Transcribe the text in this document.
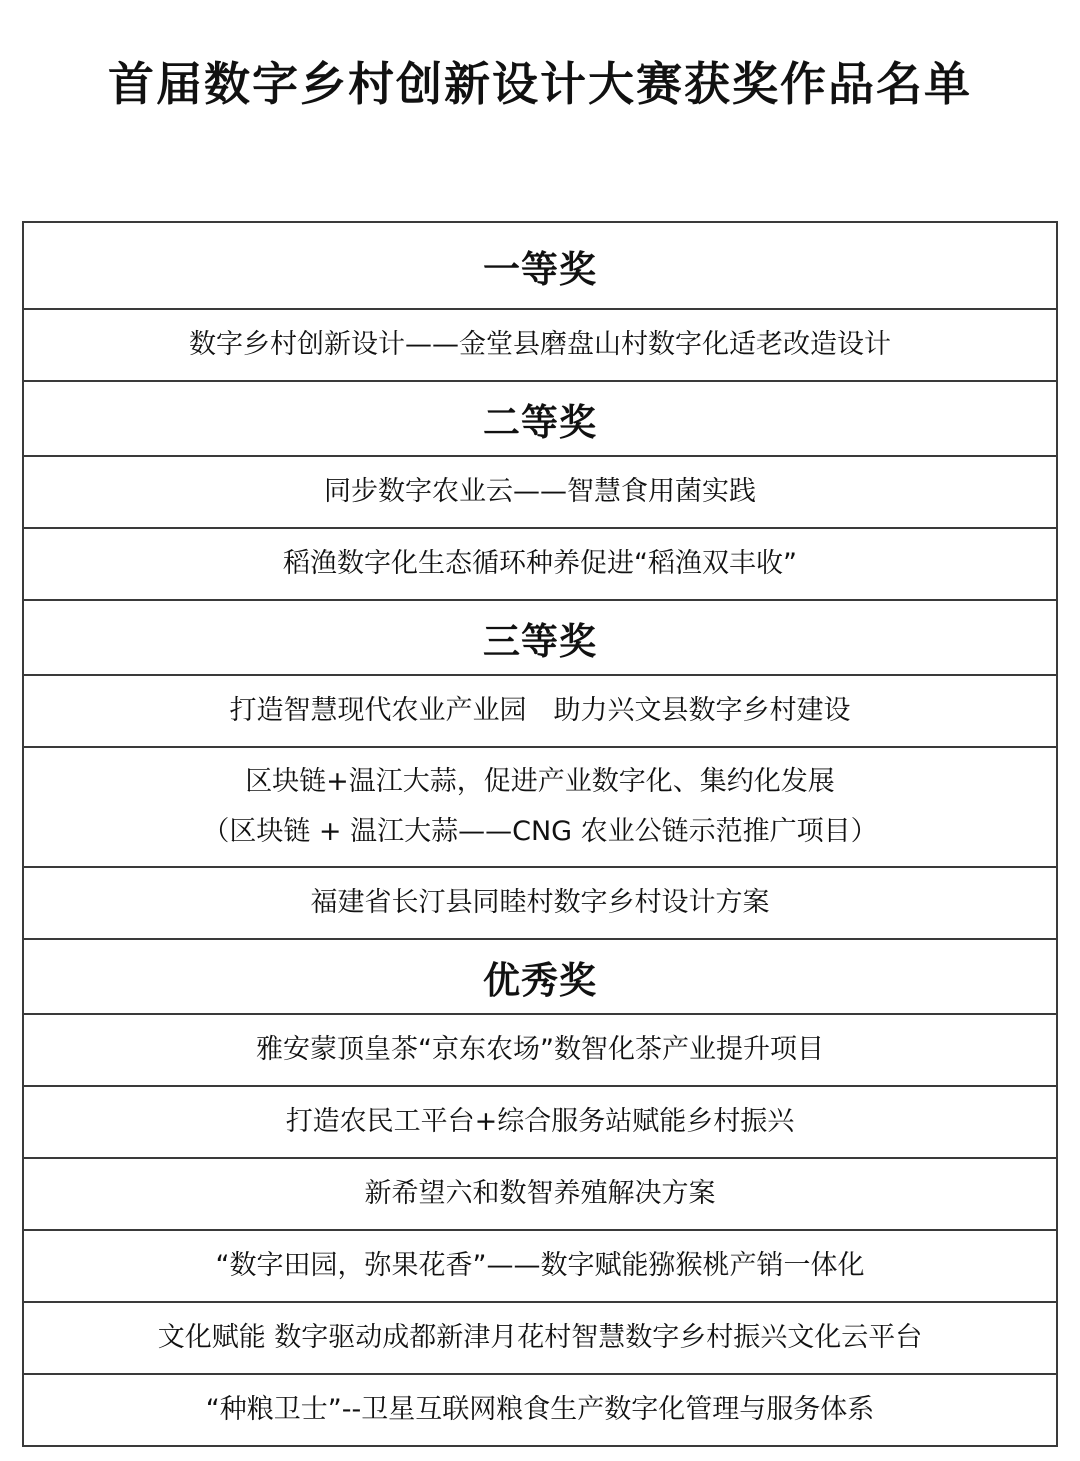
首届数字乡村创新设计大赛获奖作品名单
一等奖
数字乡村创新设计——金堂县磨盘山村数字化适老改造设计
二等奖
同步数字农业云——智慧食用菌实践
稻渔数字化生态循环种养促进“稻渔双丰收”
三等奖
打造智慧现代农业产业园　助力兴文县数字乡村建设

区块链+温江大蒜，促进产业数字化、集约化发展
（区块链 + 温江大蒜——CNG 农业公链示范推广项目）

福建省长汀县同睦村数字乡村设计方案
优秀奖
雅安蒙顶皇茶“京东农场”数智化茶产业提升项目
打造农民工平台+综合服务站赋能乡村振兴
新希望六和数智养殖解决方案
“数字田园，弥果花香”——数字赋能猕猴桃产销一体化
文化赋能 数字驱动成都新津月花村智慧数字乡村振兴文化云平台
“种粮卫士”--卫星互联网粮食生产数字化管理与服务体系
